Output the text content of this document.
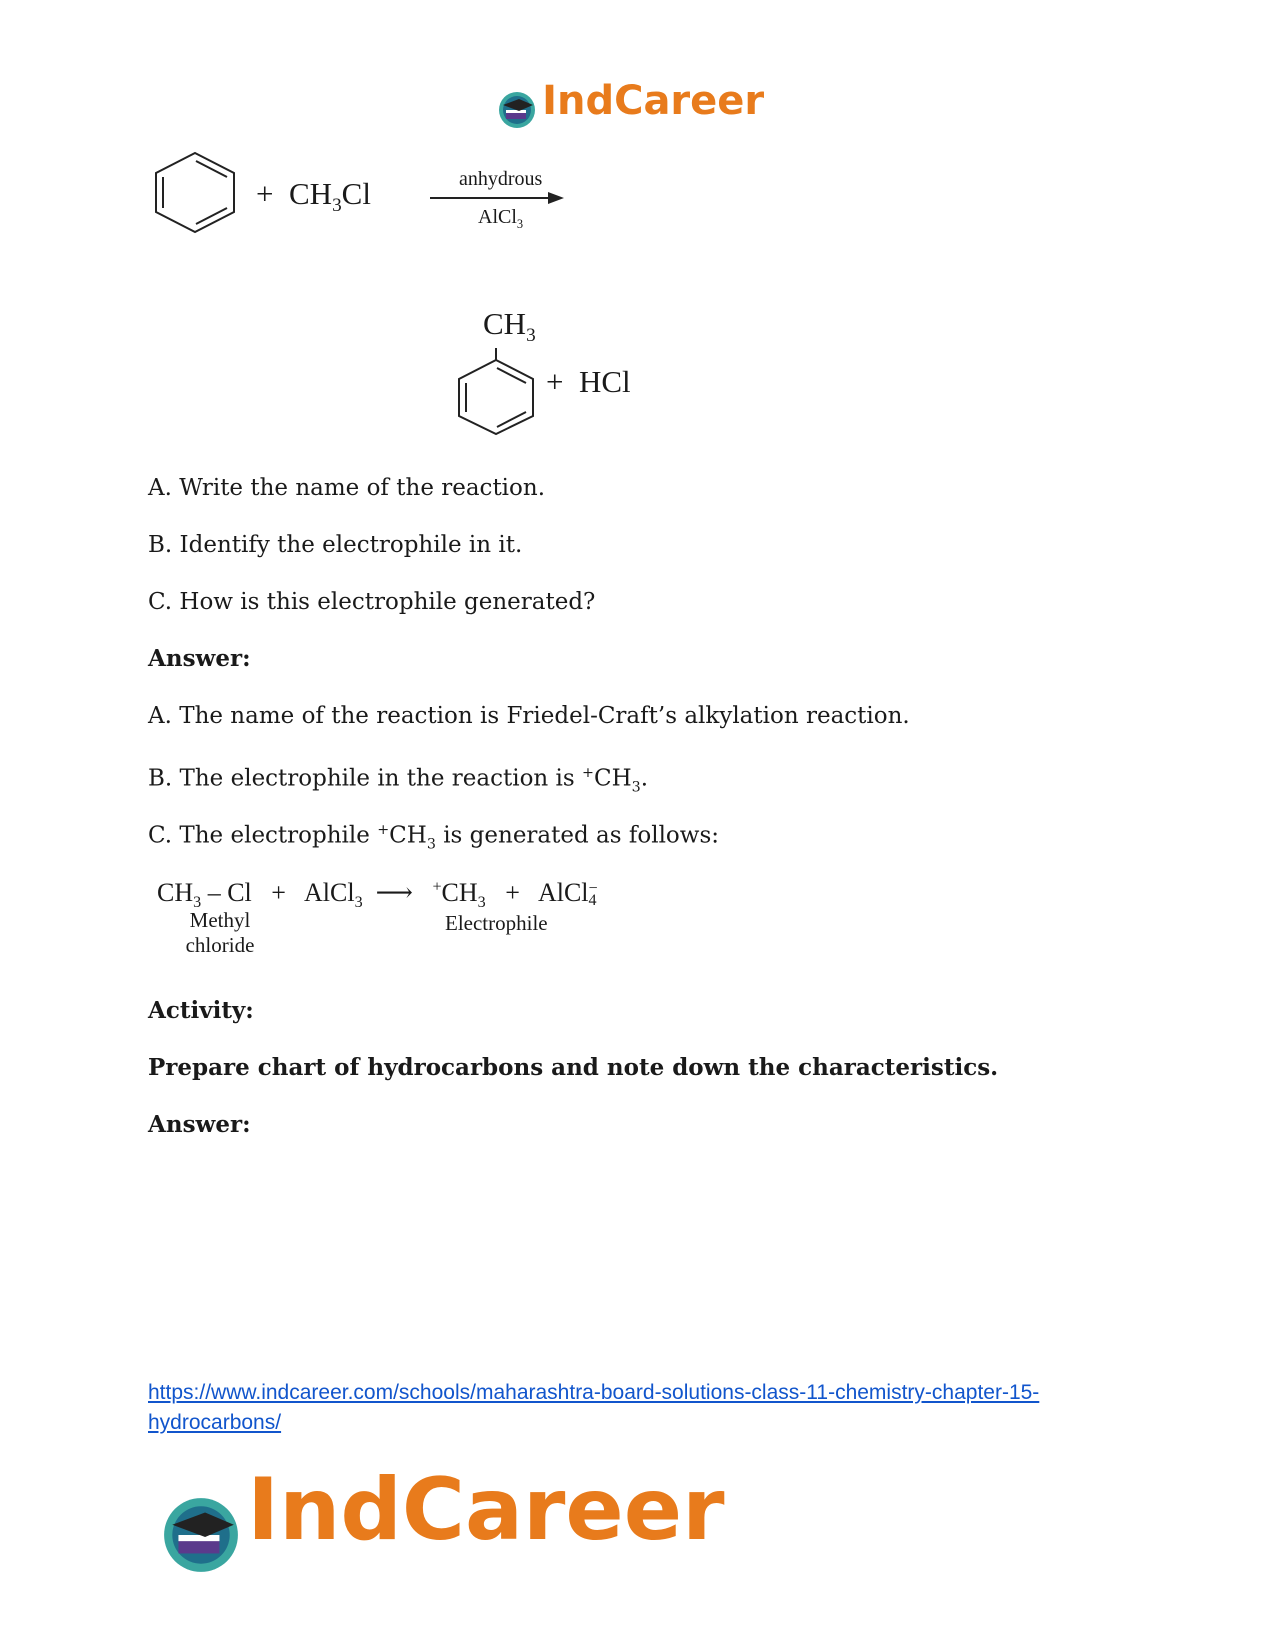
IndCareer
+ $CH_3Cl$	anhydrous
AlCl$_3$
$CH_3$
+ HCl
A. Write the name of the reaction.
B. Identify the electrophile in it.
C. How is this electrophile generated?
Answer:
A. The name of the reaction is Friedel-Craft’s alkylation reaction.
B. The electrophile in the reaction is $^+CH_3$.
C. The electrophile $^+CH_3$ is generated as follows:
$CH_3$ – Cl + AlCl$_3$ ⟶ $^+CH_3$ + AlCl −
4
Methyl
chloride
Electrophile
Activity:
Prepare chart of hydrocarbons and note down the characteristics.
Answer:
https://www.indcareer.com/schools/maharashtra-board-solutions-class-11-chemistry-chapter-15-
hydrocarbons/
IndCareer
